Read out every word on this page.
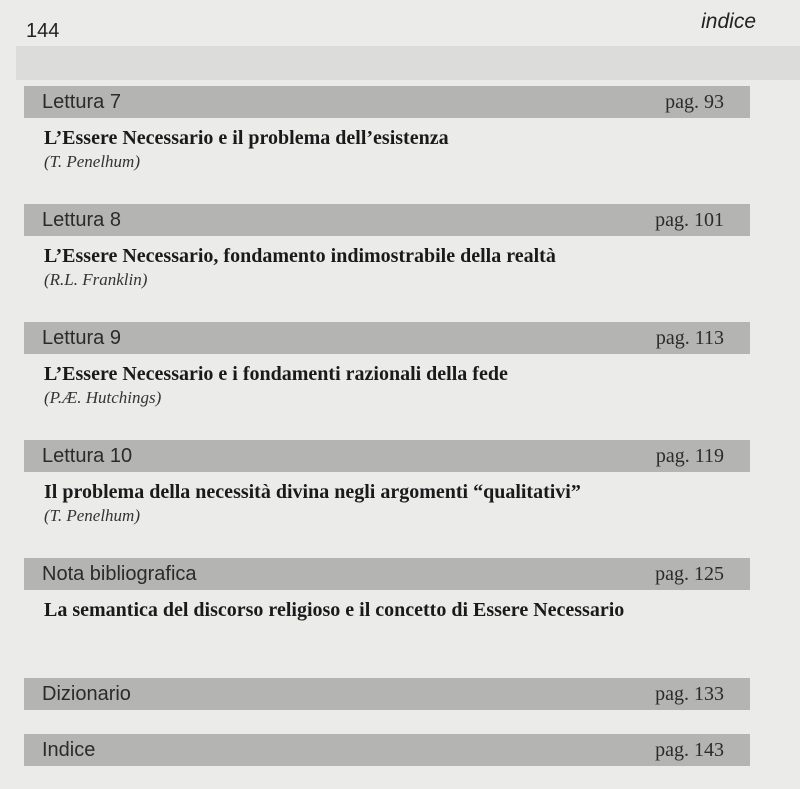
144	indice
Lettura 7	pag. 93
L’Essere Necessario e il problema dell’esistenza
(T. Penelhum)
Lettura 8	pag. 101
L’Essere Necessario, fondamento indimostrabile della realtà
(R.L. Franklin)
Lettura 9	pag. 113
L’Essere Necessario e i fondamenti razionali della fede
(P.Æ. Hutchings)
Lettura 10	pag. 119
Il problema della necessità divina negli argomenti “qualitativi”
(T. Penelhum)
Nota bibliografica	pag. 125
La semantica del discorso religioso e il concetto di Essere Necessario
Dizionario	pag. 133
Indice	pag. 143
